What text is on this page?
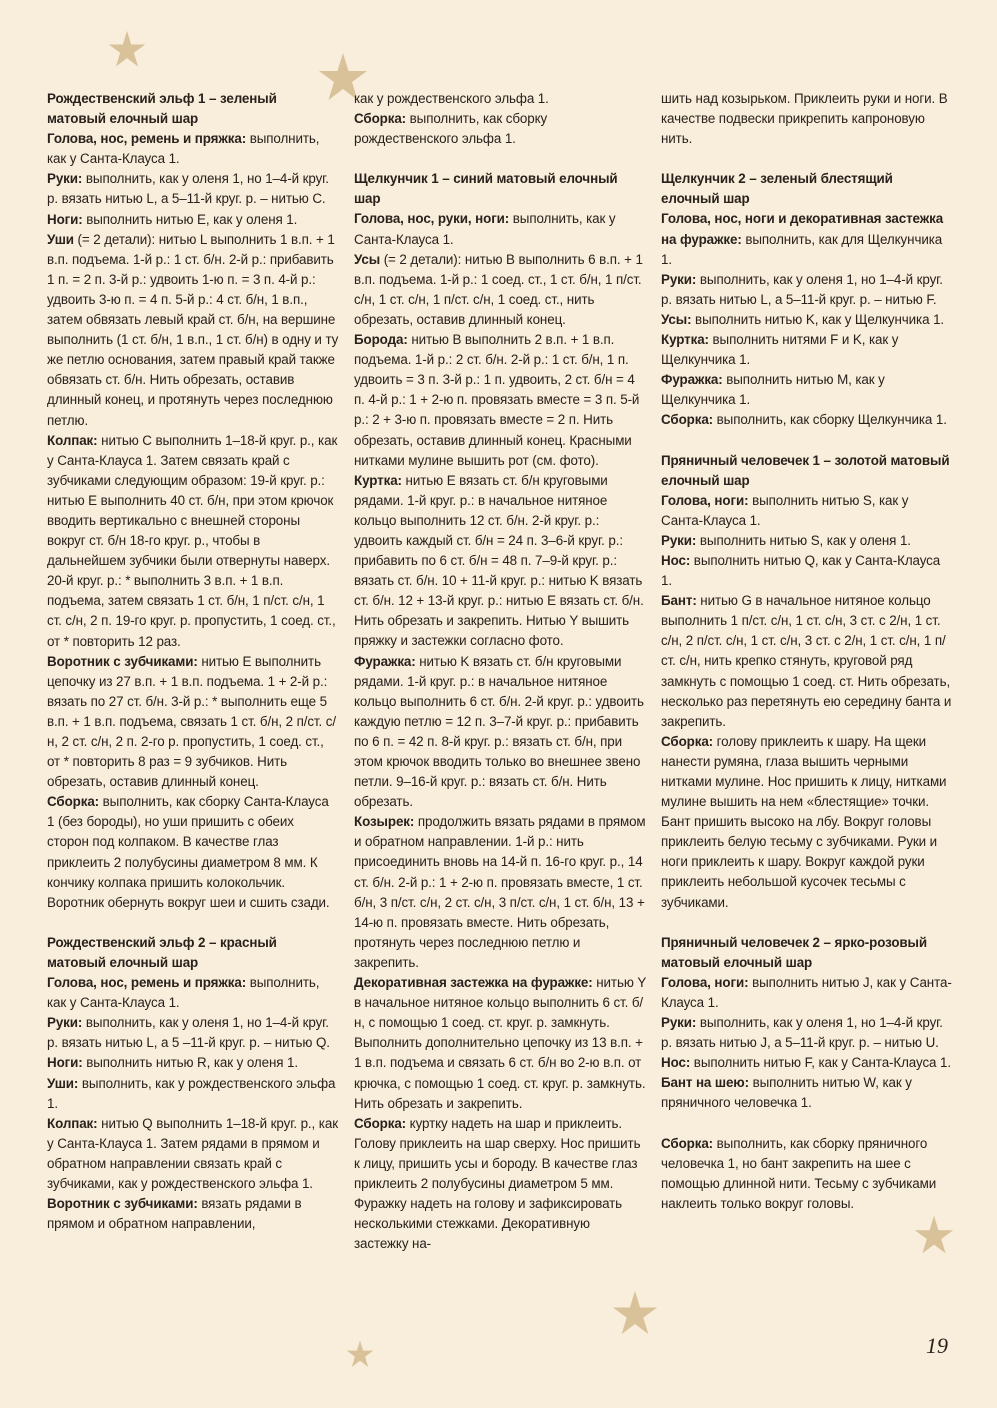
Рождественский эльф 1 – зеленый матовый елочный шар

Голова, нос, ремень и пряжка: выполнить, как у Санта-Клауса 1.

Руки: выполнить, как у оленя 1, но 1–4-й круг. р. вязать нитью L, а 5–11-й круг. р. – нитью C.

Ноги: выполнить нитью E, как у оленя 1.

Уши (= 2 детали): нитью L выполнить 1 в.п. + 1 в.п. подъема. 1-й р.: 1 ст. б/н. 2-й р.: прибавить 1 п. = 2 п. 3-й р.: удвоить 1-ю п. = 3 п. 4-й р.: удвоить 3-ю п. = 4 п. 5-й р.: 4 ст. б/н, 1 в.п., затем обвязать левый край ст. б/н, на вершине выполнить (1 ст. б/н, 1 в.п., 1 ст. б/н) в одну и ту же петлю основания, затем правый край также обвязать ст. б/н. Нить обрезать, оставив длинный конец, и протянуть через последнюю петлю.

Колпак: нитью C выполнить 1–18-й круг. р., как у Санта-Клауса 1. Затем связать край с зубчиками следующим образом: 19-й круг. р.: нитью E выполнить 40 ст. б/н, при этом крючок вводить вертикально с внешней стороны вокруг ст. б/н 18-го круг. р., чтобы в дальнейшем зубчики были отвернуты наверх. 20-й круг. р.: * выполнить 3 в.п. + 1 в.п. подъема, затем связать 1 ст. б/н, 1 п/ст. с/н, 1 ст. с/н, 2 п. 19-го круг. р. пропустить, 1 соед. ст., от * повторить 12 раз.

Воротник с зубчиками: нитью E выполнить цепочку из 27 в.п. + 1 в.п. подъема. 1 + 2-й р.: вязать по 27 ст. б/н. 3-й р.: * выполнить еще 5 в.п. + 1 в.п. подъема, связать 1 ст. б/н, 2 п/ст. с/н, 2 ст. с/н, 2 п. 2-го р. пропустить, 1 соед. ст., от * повторить 8 раз = 9 зубчиков. Нить обрезать, оставив длинный конец.

Сборка: выполнить, как сборку Санта-Клауса 1 (без бороды), но уши пришить с обеих сторон под колпаком. В качестве глаз приклеить 2 полубусины диаметром 8 мм. К кончику колпака пришить колокольчик. Воротник обернуть вокруг шеи и сшить сзади.

Рождественский эльф 2 – красный матовый елочный шар

Голова, нос, ремень и пряжка: выполнить, как у Санта-Клауса 1.

Руки: выполнить, как у оленя 1, но 1–4-й круг. р. вязать нитью L, а 5 –11-й круг. р. – нитью Q.

Ноги: выполнить нитью R, как у оленя 1.

Уши: выполнить, как у рождественского эльфа 1.

Колпак: нитью Q выполнить 1–18-й круг. р., как у Санта-Клауса 1. Затем рядами в прямом и обратном направлении связать край с зубчиками, как у рождественского эльфа 1.

Воротник с зубчиками: вязать рядами в прямом и обратном направлении,

как у рождественского эльфа 1.

Сборка: выполнить, как сборку рождественского эльфа 1.

Щелкунчик 1 – синий матовый елочный шар

Голова, нос, руки, ноги: выполнить, как у Санта-Клауса 1.

Усы (= 2 детали): нитью B выполнить 6 в.п. + 1 в.п. подъема. 1-й р.: 1 соед. ст., 1 ст. б/н, 1 п/ст. с/н, 1 ст. с/н, 1 п/ст. с/н, 1 соед. ст., нить обрезать, оставив длинный конец.

Борода: нитью B выполнить 2 в.п. + 1 в.п. подъема. 1-й р.: 2 ст. б/н. 2-й р.: 1 ст. б/н, 1 п. удвоить = 3 п. 3-й р.: 1 п. удвоить, 2 ст. б/н = 4 п. 4-й р.: 1 + 2-ю п. провязать вместе = 3 п. 5-й р.: 2 + 3-ю п. провязать вместе = 2 п. Нить обрезать, оставив длинный конец. Красными нитками мулине вышить рот (см. фото).

Куртка: нитью E вязать ст. б/н круговыми рядами. 1-й круг. р.: в начальное нитяное кольцо выполнить 12 ст. б/н. 2-й круг. р.: удвоить каждый ст. б/н = 24 п. 3–6-й круг. р.: прибавить по 6 ст. б/н = 48 п. 7–9-й круг. р.: вязать ст. б/н. 10 + 11-й круг. р.: нитью K вязать ст. б/н. 12 + 13-й круг. р.: нитью E вязать ст. б/н. Нить обрезать и закрепить. Нитью Y вышить пряжку и застежки согласно фото.

Фуражка: нитью K вязать ст. б/н круговыми рядами. 1-й круг. р.: в начальное нитяное кольцо выполнить 6 ст. б/н. 2-й круг. р.: удвоить каждую петлю = 12 п. 3–7-й круг. р.: прибавить по 6 п. = 42 п. 8-й круг. р.: вязать ст. б/н, при этом крючок вводить только во внешнее звено петли. 9–16-й круг. р.: вязать ст. б/н. Нить обрезать.

Козырек: продолжить вязать рядами в прямом и обратном направлении. 1-й р.: нить присоединить вновь на 14-й п. 16-го круг. р., 14 ст. б/н. 2-й р.: 1 + 2-ю п. провязать вместе, 1 ст. б/н, 3 п/ст. с/н, 2 ст. с/н, 3 п/ст. с/н, 1 ст. б/н, 13 + 14-ю п. провязать вместе. Нить обрезать, протянуть через последнюю петлю и закрепить.

Декоративная застежка на фуражке: нитью Y в начальное нитяное кольцо выполнить 6 ст. б/н, с помощью 1 соед. ст. круг. р. замкнуть. Выполнить дополнительно цепочку из 13 в.п. + 1 в.п. подъема и связать 6 ст. б/н во 2-ю в.п. от крючка, с помощью 1 соед. ст. круг. р. замкнуть. Нить обрезать и закрепить.

Сборка: куртку надеть на шар и приклеить. Голову приклеить на шар сверху. Нос пришить к лицу, пришить усы и бороду. В качестве глаз приклеить 2 полубусины диаметром 5 мм. Фуражку надеть на голову и зафиксировать несколькими стежками. Декоративную застежку на-

шить над козырьком. Приклеить руки и ноги. В качестве подвески прикрепить капроновую нить.

Щелкунчик 2 – зеленый блестящий елочный шар

Голова, нос, ноги и декоративная застежка на фуражке: выполнить, как для Щелкунчика 1.

Руки: выполнить, как у оленя 1, но 1–4-й круг. р. вязать нитью L, а 5–11-й круг. р. – нитью F.

Усы: выполнить нитью K, как у Щелкунчика 1.

Куртка: выполнить нитями F и K, как у Щелкунчика 1.

Фуражка: выполнить нитью M, как у Щелкунчика 1.

Сборка: выполнить, как сборку Щелкунчика 1.

Пряничный человечек 1 – золотой матовый елочный шар

Голова, ноги: выполнить нитью S, как у Санта-Клауса 1.

Руки: выполнить нитью S, как у оленя 1.

Нос: выполнить нитью Q, как у Санта-Клауса 1.

Бант: нитью G в начальное нитяное кольцо выполнить 1 п/ст. с/н, 1 ст. с/н, 3 ст. с 2/н, 1 ст. с/н, 2 п/ст. с/н, 1 ст. с/н, 3 ст. с 2/н, 1 ст. с/н, 1 п/ст. с/н, нить крепко стянуть, круговой ряд замкнуть с помощью 1 соед. ст. Нить обрезать, несколько раз перетянуть ею середину банта и закрепить.

Сборка: голову приклеить к шару. На щеки нанести румяна, глаза вышить черными нитками мулине. Нос пришить к лицу, нитками мулине вышить на нем «блестящие» точки. Бант пришить высоко на лбу. Вокруг головы приклеить белую тесьму с зубчиками. Руки и ноги приклеить к шару. Вокруг каждой руки приклеить небольшой кусочек тесьмы с зубчиками.

Пряничный человечек 2 – ярко-розовый матовый елочный шар

Голова, ноги: выполнить нитью J, как у Санта-Клауса 1.

Руки: выполнить, как у оленя 1, но 1–4-й круг. р. вязать нитью J, а 5–11-й круг. р. – нитью U.

Нос: выполнить нитью F, как у Санта-Клауса 1.

Бант на шею: выполнить нитью W, как у пряничного человечка 1.

Сборка: выполнить, как сборку пряничного человечка 1, но бант закрепить на шее с помощью длинной нити. Тесьму с зубчиками наклеить только вокруг головы.

19
